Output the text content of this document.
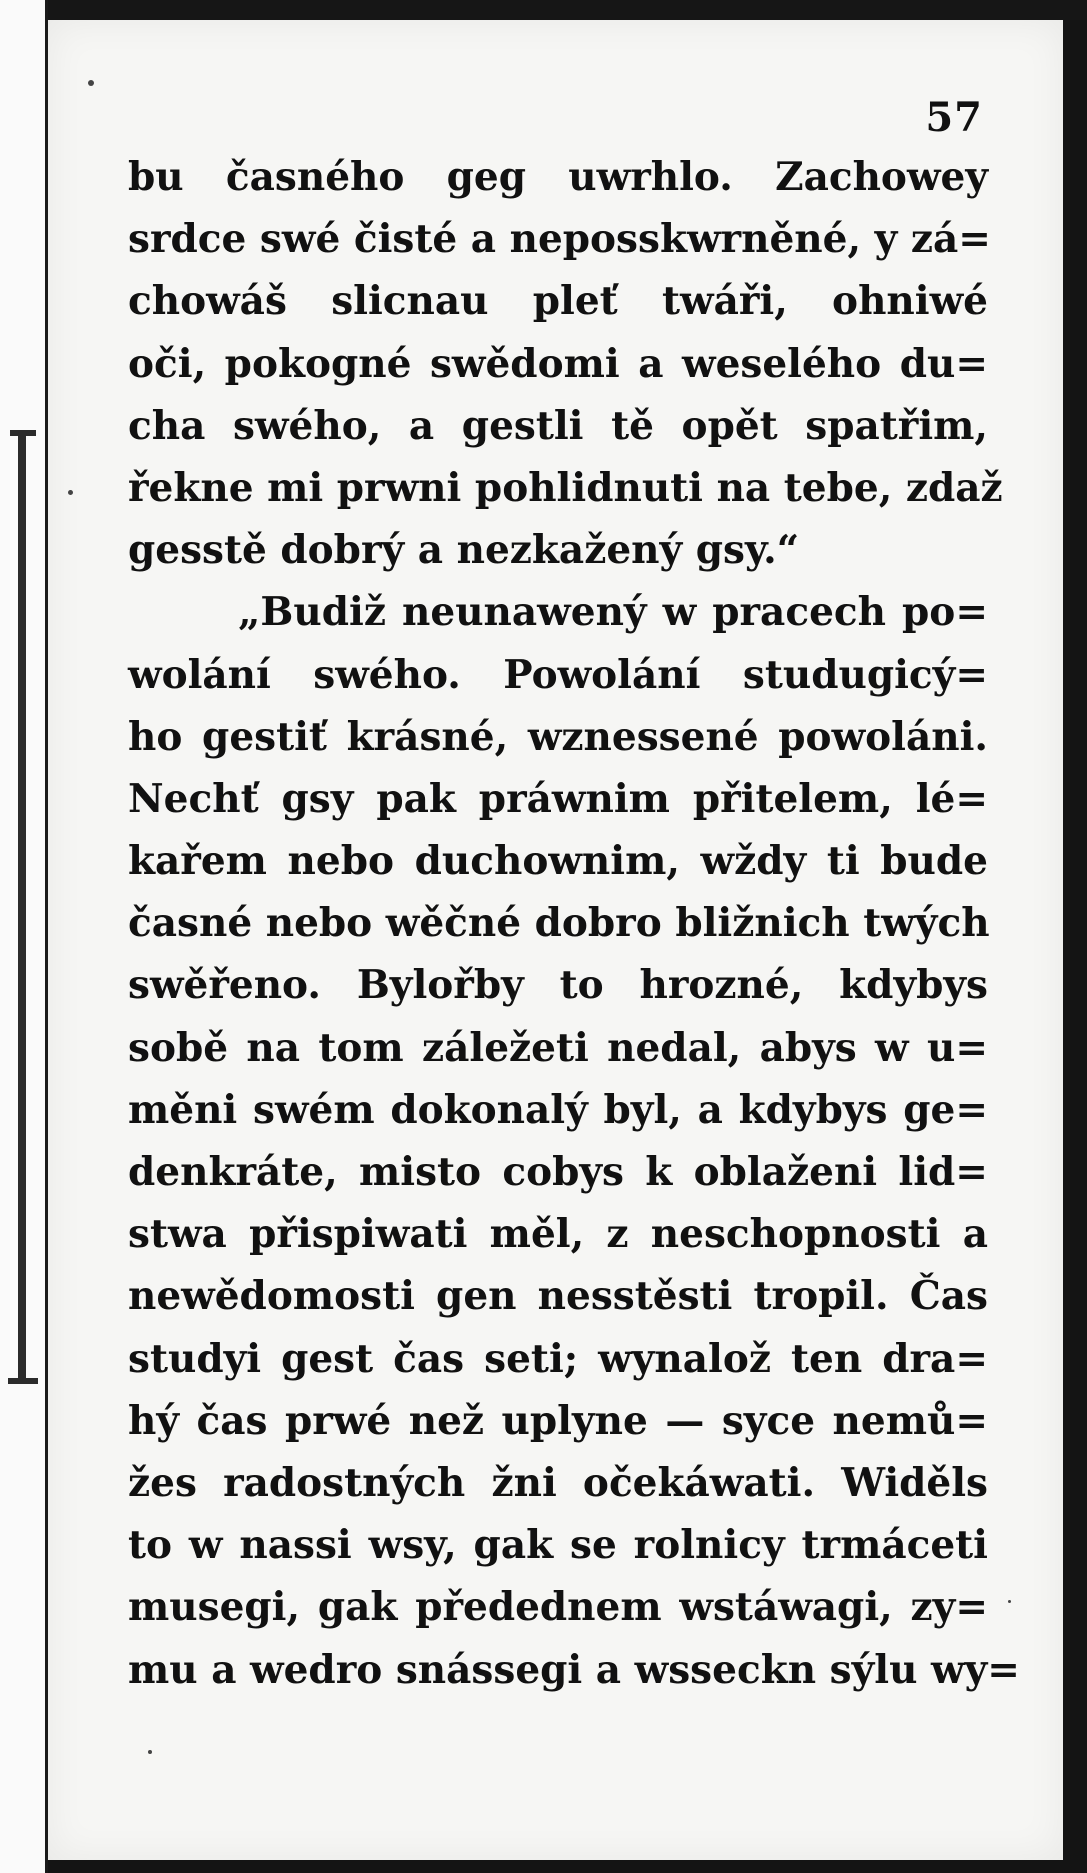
57
bu časného geg uwrhlo. Zachowey
srdce swé čisté a neposskwrněné, y zá=
chowáš slicnau pleť twáři, ohniwé
oči, pokogné swědomi a weselého du=
cha swého, a gestli tě opět spatřim,
řekne mi prwni pohlidnuti na tebe, zdaž
gesstě dobrý a nezkažený gsy.“
„Budiž neunawený w pracech po=
wolání swého. Powolání studugicý=
ho gestiť krásné, wznessené powoláni.
Nechť gsy pak práwnim přitelem, lé=
kařem nebo duchownim, wždy ti bude
časné nebo wěčné dobro bližnich twých
swěřeno. Bylořby to hrozné, kdybys
sobě na tom záležeti nedal, abys w u=
měni swém dokonalý byl, a kdybys ge=
denkráte, misto cobys k oblaženi lid=
stwa přispiwati měl, z neschopnosti a
newědomosti gen nesstěsti tropil. Čas
studyi gest čas seti; wynalož ten dra=
hý čas prwé než uplyne — syce nemů=
žes radostných žni očekáwati. Widěls
to w nassi wsy, gak se rolnicy trmáceti
musegi, gak předednem wstáwagi, zy=
mu a wedro snássegi a wsseckn sýlu wy=
